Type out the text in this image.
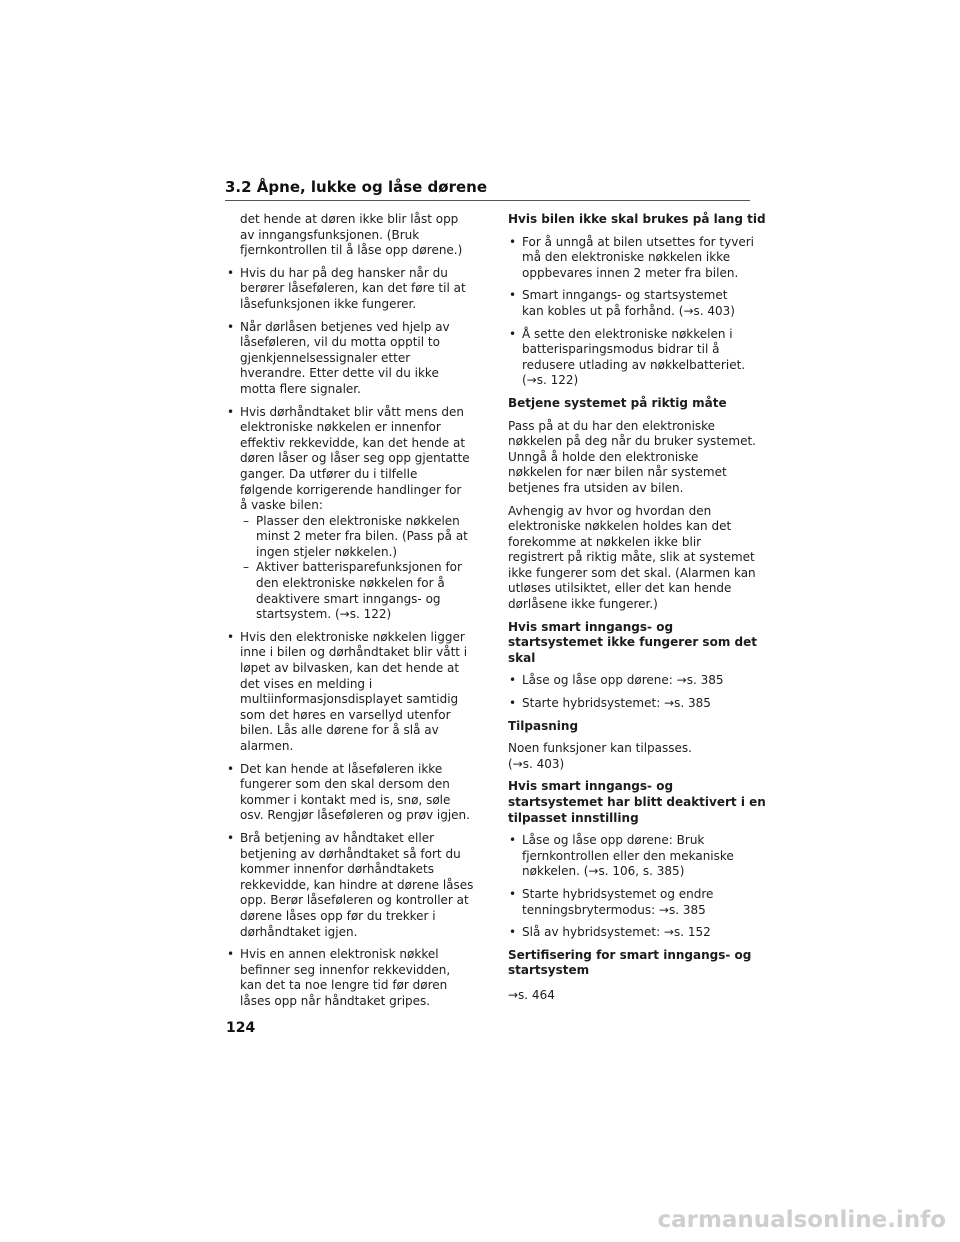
3.2 Åpne, lukke og låse dørene
det hende at døren ikke blir låst opp
av inngangsfunksjonen. (Bruk
fjernkontrollen til å låse opp dørene.)
• Hvis du har på deg hansker når du
berører låseføleren, kan det føre til at
låsefunksjonen ikke fungerer.
• Når dørlåsen betjenes ved hjelp av
låseføleren, vil du motta opptil to
gjenkjennelsessignaler etter
hverandre. Etter dette vil du ikke
motta flere signaler.
• Hvis dørhåndtaket blir vått mens den
elektroniske nøkkelen er innenfor
effektiv rekkevidde, kan det hende at
døren låser og låser seg opp gjentatte
ganger. Da utfører du i tilfelle
følgende korrigerende handlinger for
å vaske bilen:
– Plasser den elektroniske nøkkelen
minst 2 meter fra bilen. (Pass på at
ingen stjeler nøkkelen.)
– Aktiver batterisparefunksjonen for
den elektroniske nøkkelen for å
deaktivere smart inngangs- og
startsystem. (→s. 122)
• Hvis den elektroniske nøkkelen ligger
inne i bilen og dørhåndtaket blir vått i
løpet av bilvasken, kan det hende at
det vises en melding i
multiinformasjonsdisplayet samtidig
som det høres en varsellyd utenfor
bilen. Lås alle dørene for å slå av
alarmen.
• Det kan hende at låseføleren ikke
fungerer som den skal dersom den
kommer i kontakt med is, snø, søle
osv. Rengjør låseføleren og prøv igjen.
• Brå betjening av håndtaket eller
betjening av dørhåndtaket så fort du
kommer innenfor dørhåndtakets
rekkevidde, kan hindre at dørene låses
opp. Berør låseføleren og kontroller at
dørene låses opp før du trekker i
dørhåndtaket igjen.
• Hvis en annen elektronisk nøkkel
befinner seg innenfor rekkevidden,
kan det ta noe lengre tid før døren
låses opp når håndtaket gripes.
Hvis bilen ikke skal brukes på lang tid
• For å unngå at bilen utsettes for tyveri
må den elektroniske nøkkelen ikke
oppbevares innen 2 meter fra bilen.
• Smart inngangs- og startsystemet
kan kobles ut på forhånd. (→s. 403)
• Å sette den elektroniske nøkkelen i
batterisparingsmodus bidrar til å
redusere utlading av nøkkelbatteriet.
(→s. 122)
Betjene systemet på riktig måte
Pass på at du har den elektroniske
nøkkelen på deg når du bruker systemet.
Unngå å holde den elektroniske
nøkkelen for nær bilen når systemet
betjenes fra utsiden av bilen.
Avhengig av hvor og hvordan den
elektroniske nøkkelen holdes kan det
forekomme at nøkkelen ikke blir
registrert på riktig måte, slik at systemet
ikke fungerer som det skal. (Alarmen kan
utløses utilsiktet, eller det kan hende
dørlåsene ikke fungerer.)
Hvis smart inngangs- og
startsystemet ikke fungerer som det
skal
• Låse og låse opp dørene: →s. 385
• Starte hybridsystemet: →s. 385
Tilpasning
Noen funksjoner kan tilpasses.
(→s. 403)
Hvis smart inngangs- og
startsystemet har blitt deaktivert i en
tilpasset innstilling
• Låse og låse opp dørene: Bruk
fjernkontrollen eller den mekaniske
nøkkelen. (→s. 106, s. 385)
• Starte hybridsystemet og endre
tenningsbrytermodus: →s. 385
• Slå av hybridsystemet: →s. 152
Sertifisering for smart inngangs- og
startsystem
→s. 464
124
carmanualsonline.info
